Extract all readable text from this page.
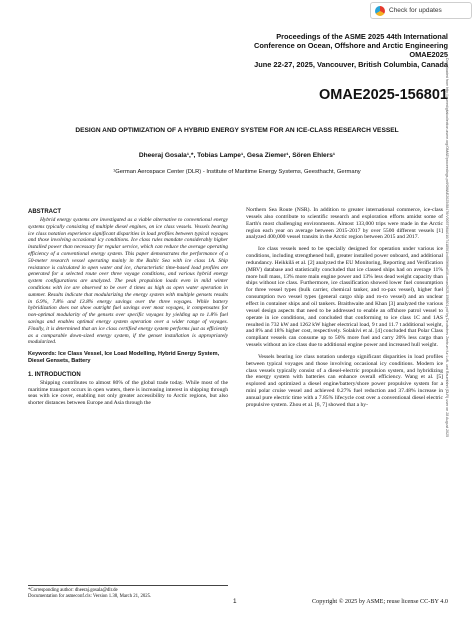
Check for updates
Proceedings of the ASME 2025 44th International
Conference on Ocean, Offshore and Arctic Engineering
OMAE2025
June 22-27, 2025, Vancouver, British Columbia, Canada
OMAE2025-156801
DESIGN AND OPTIMIZATION OF A HYBRID ENERGY SYSTEM FOR AN ICE-CLASS RESEARCH VESSEL
Dheeraj Gosala¹,*, Tobias Lampe¹, Gesa Ziemer¹, Sören Ehlers¹
¹German Aerospace Center (DLR) - Institute of Maritime Energy Systems, Geesthacht, Germany	Downloaded from http://asmedigitalcollection.asme.org/OMAE/proceedings-pdf/OMAE2025/88476/V005T06A010/7418501/v005t06a010-omae2025-156801.pdf by Deutsches Zentrum fur Luft- und Raumfahrt (DLR) user on 28 August 2025
ABSTRACT

Hybrid energy systems are investigated as a viable alternative to conventional energy systems typically consisting of multiple diesel engines, on ice class vessels. Vessels bearing ice class notation experience significant disparities in load profiles between typical voyages and those involving occasional icy conditions. Ice class rules mandate considerably higher installed power than necessary for regular service, which can reduce the average operating efficiency of a conventional energy system. This paper demonstrates the performance of a 50-meter research vessel operating mainly in the Baltic Sea with ice class 1A. Ship resistance is calculated in open water and ice, characteristic time-based load profiles are generated for a selected route over three voyage conditions, and various hybrid energy system configurations are analyzed. The peak propulsion loads even in mild winter conditions with ice are observed to be over 4 times as high as open water operation in summer. Results indicate that modularizing the energy system with multiple gensets results in 6.9%, 7.8% and 13.8% energy savings over the three voyages. While battery hybridization does not show outright fuel savings over most voyages, it compensates for non-optimal modularity of the gensets over specific voyages by yielding up to 1.8% fuel savings and enables optimal energy system operation over a wider range of voyages. Finally, it is determined that an ice class certified energy system performs just as efficiently as a comparable down-sized energy system, if the genset installation is appropriately modularized.

Keywords: Ice Class Vessel, Ice Load Modelling, Hybrid Energy System, Diesel Gensets, Battery
1. INTRODUCTION

Shipping contributes to almost 80% of the global trade today. While most of the maritime transport occurs in open waters, there is increasing interest in shipping through seas with ice cover, enabling not only greater accessibility to Arctic regions, but also shorter distances between Europe and Asia through the

Northern Sea Route (NSR). In addition to greater international commerce, ice-class vessels also contribute to scientific research and exploration efforts amidst some of Earth's most challenging environments. Almost 133,000 trips were made in the Arctic region each year on average between 2015-2017 by over 5500 different vessels [1] analyzed 400,000 vessel transits in the Arctic region between 2015 and 2017.

Ice class vessels need to be specially designed for operation under various ice conditions, including strengthened hull, greater installed power onboard, and additional redundancy. Heikkilä et al. [2] analyzed the EU Monitoring, Reporting and Verification (MRV) database and statistically concluded that ice classed ships had on average 11% more hull mass, 13% more main engine power and 13% less dead weight capacity than ships without ice class. Furthermore, ice classification showed lower fuel consumption for three vessel types (bulk carrier, chemical tanker, and ro-pax vessel), higher fuel consumption two vessel types (general cargo ship and ro-ro vessel) and an unclear effect in container ships and oil tankers. Braithwaite and Khan [3] analyzed the various vessel design aspects that need to be addressed to enable an offshore patrol vessel to operate in ice conditions, and concluded that conforming to ice class 1C and 1AS resulted in 732 kW and 1262 kW higher electrical load, 9 t and 11.7 t additional weight, and 8% and 18% higher cost, respectively. Solakivi et al. [4] concluded that Polar Class compliant vessels can consume up to 50% more fuel and carry 20% less cargo than vessels without an ice class due to additional engine power and increased hull weight.

Vessels bearing ice class notation undergo significant disparities in load profiles between typical voyages and those involving occasional icy conditions. Modern ice class vessels typically consist of a diesel-electric propulsion system, and hybridizing the energy system with batteries can enhance overall efficiency. Wang et al. [5] explored and optimized a diesel engine/battery/shore power propulsive system for a mini polar cruise vessel and achieved 0.27% fuel reduction and 37.48% increase in annual pure electric time with a 7.85% lifecycle cost over a conventional diesel electric propulsive system. Zhou et al. [6, 7] showed that a hy-

*Corresponding author: dheeraj.gosala@dlr.de
Documentation for asmeconf.cls: Version 1.38, March 21, 2025.
1	Copyright © 2025 by ASME; reuse license CC-BY 4.0
